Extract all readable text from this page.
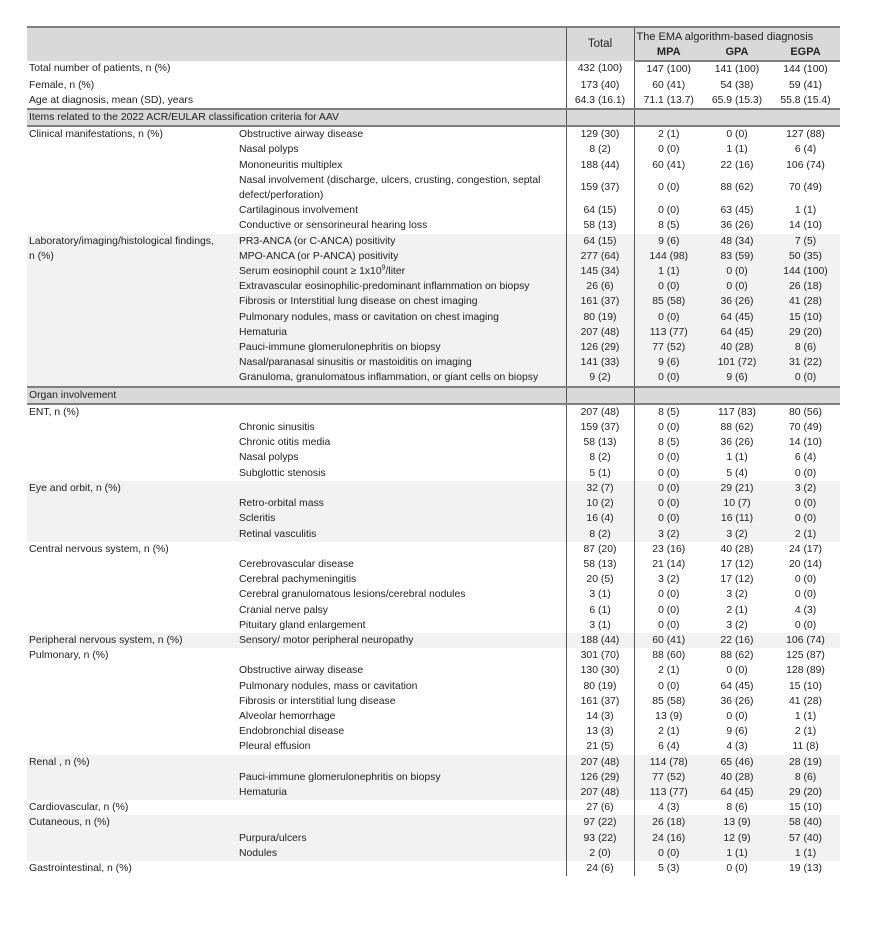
		Total	The EMA algorithm-based diagnosis		
			MPA	GPA	EGPA
Total number of patients, n (%)		432 (100)	147 (100)	141 (100)	144 (100)
Female, n (%)		173 (40)	60 (41)	54 (38)	59 (41)
Age at diagnosis, mean (SD), years		64.3 (16.1)	71.1 (13.7)	65.9 (15.3)	55.8 (15.4)
Items related to the 2022 ACR/EULAR classification criteria for AAV					
Clinical manifestations, n (%)	Obstructive airway disease	129 (30)	2 (1)	0 (0)	127 (88)
	Nasal polyps	8 (2)	0 (0)	1 (1)	6 (4)
	Mononeuritis multiplex	188 (44)	60 (41)	22 (16)	106 (74)
	Nasal involvement (discharge, ulcers, crusting, congestion, septal defect/perforation)	159 (37)	0 (0)	88 (62)	70 (49)
	Cartilaginous involvement	64 (15)	0 (0)	63 (45)	1 (1)
	Conductive or sensorineural hearing loss	58 (13)	8 (5)	36 (26)	14 (10)
Laboratory/imaging/histological findings,	PR3-ANCA (or C-ANCA) positivity	64 (15)	9 (6)	48 (34)	7 (5)
n (%)	MPO-ANCA (or P-ANCA) positivity	277 (64)	144 (98)	83 (59)	50 (35)
	Serum eosinophil count ≥ $1x10^9$/liter	145 (34)	1 (1)	0 (0)	144 (100)
	Extravascular eosinophilic-predominant inflammation on biopsy	26 (6)	0 (0)	0 (0)	26 (18)
	Fibrosis or Interstitial lung disease on chest imaging	161 (37)	85 (58)	36 (26)	41 (28)
	Pulmonary nodules, mass or cavitation on chest imaging	80 (19)	0 (0)	64 (45)	15 (10)
	Hematuria	207 (48)	113 (77)	64 (45)	29 (20)
	Pauci-immune glomerulonephritis on biopsy	126 (29)	77 (52)	40 (28)	8 (6)
	Nasal/paranasal sinusitis or mastoiditis on imaging	141 (33)	9 (6)	101 (72)	31 (22)
	Granuloma, granulomatous inflammation, or giant cells on biopsy	9 (2)	0 (0)	9 (6)	0 (0)
Organ involvement					
ENT, n (%)		207 (48)	8 (5)	117 (83)	80 (56)
	Chronic sinusitis	159 (37)	0 (0)	88 (62)	70 (49)
	Chronic otitis media	58 (13)	8 (5)	36 (26)	14 (10)
	Nasal polyps	8 (2)	0 (0)	1 (1)	6 (4)
	Subglottic stenosis	5 (1)	0 (0)	5 (4)	0 (0)
Eye and orbit, n (%)		32 (7)	0 (0)	29 (21)	3 (2)
	Retro-orbital mass	10 (2)	0 (0)	10 (7)	0 (0)
	Scleritis	16 (4)	0 (0)	16 (11)	0 (0)
	Retinal vasculitis	8 (2)	3 (2)	3 (2)	2 (1)
Central nervous system, n (%)		87 (20)	23 (16)	40 (28)	24 (17)
	Cerebrovascular disease	58 (13)	21 (14)	17 (12)	20 (14)
	Cerebral pachymeningitis	20 (5)	3 (2)	17 (12)	0 (0)
	Cerebral granulomatous lesions/cerebral nodules	3 (1)	0 (0)	3 (2)	0 (0)
	Cranial nerve palsy	6 (1)	0 (0)	2 (1)	4 (3)
	Pituitary gland enlargement	3 (1)	0 (0)	3 (2)	0 (0)
Peripheral nervous system, n (%)	Sensory/ motor peripheral neuropathy	188 (44)	60 (41)	22 (16)	106 (74)
Pulmonary, n (%)		301 (70)	88 (60)	88 (62)	125 (87)
	Obstructive airway disease	130 (30)	2 (1)	0 (0)	128 (89)
	Pulmonary nodules, mass or cavitation	80 (19)	0 (0)	64 (45)	15 (10)
	Fibrosis or interstitial lung disease	161 (37)	85 (58)	36 (26)	41 (28)
	Alveolar hemorrhage	14 (3)	13 (9)	0 (0)	1 (1)
	Endobronchial disease	13 (3)	2 (1)	9 (6)	2 (1)
	Pleural effusion	21 (5)	6 (4)	4 (3)	11 (8)
Renal , n (%)		207 (48)	114 (78)	65 (46)	28 (19)
	Pauci-immune glomerulonephritis on biopsy	126 (29)	77 (52)	40 (28)	8 (6)
	Hematuria	207 (48)	113 (77)	64 (45)	29 (20)
Cardiovascular, n (%)		27 (6)	4 (3)	8 (6)	15 (10)
Cutaneous, n (%)		97 (22)	26 (18)	13 (9)	58 (40)
	Purpura/ulcers	93 (22)	24 (16)	12 (9)	57 (40)
	Nodules	2 (0)	0 (0)	1 (1)	1 (1)
Gastrointestinal, n (%)		24 (6)	5 (3)	0 (0)	19 (13)
